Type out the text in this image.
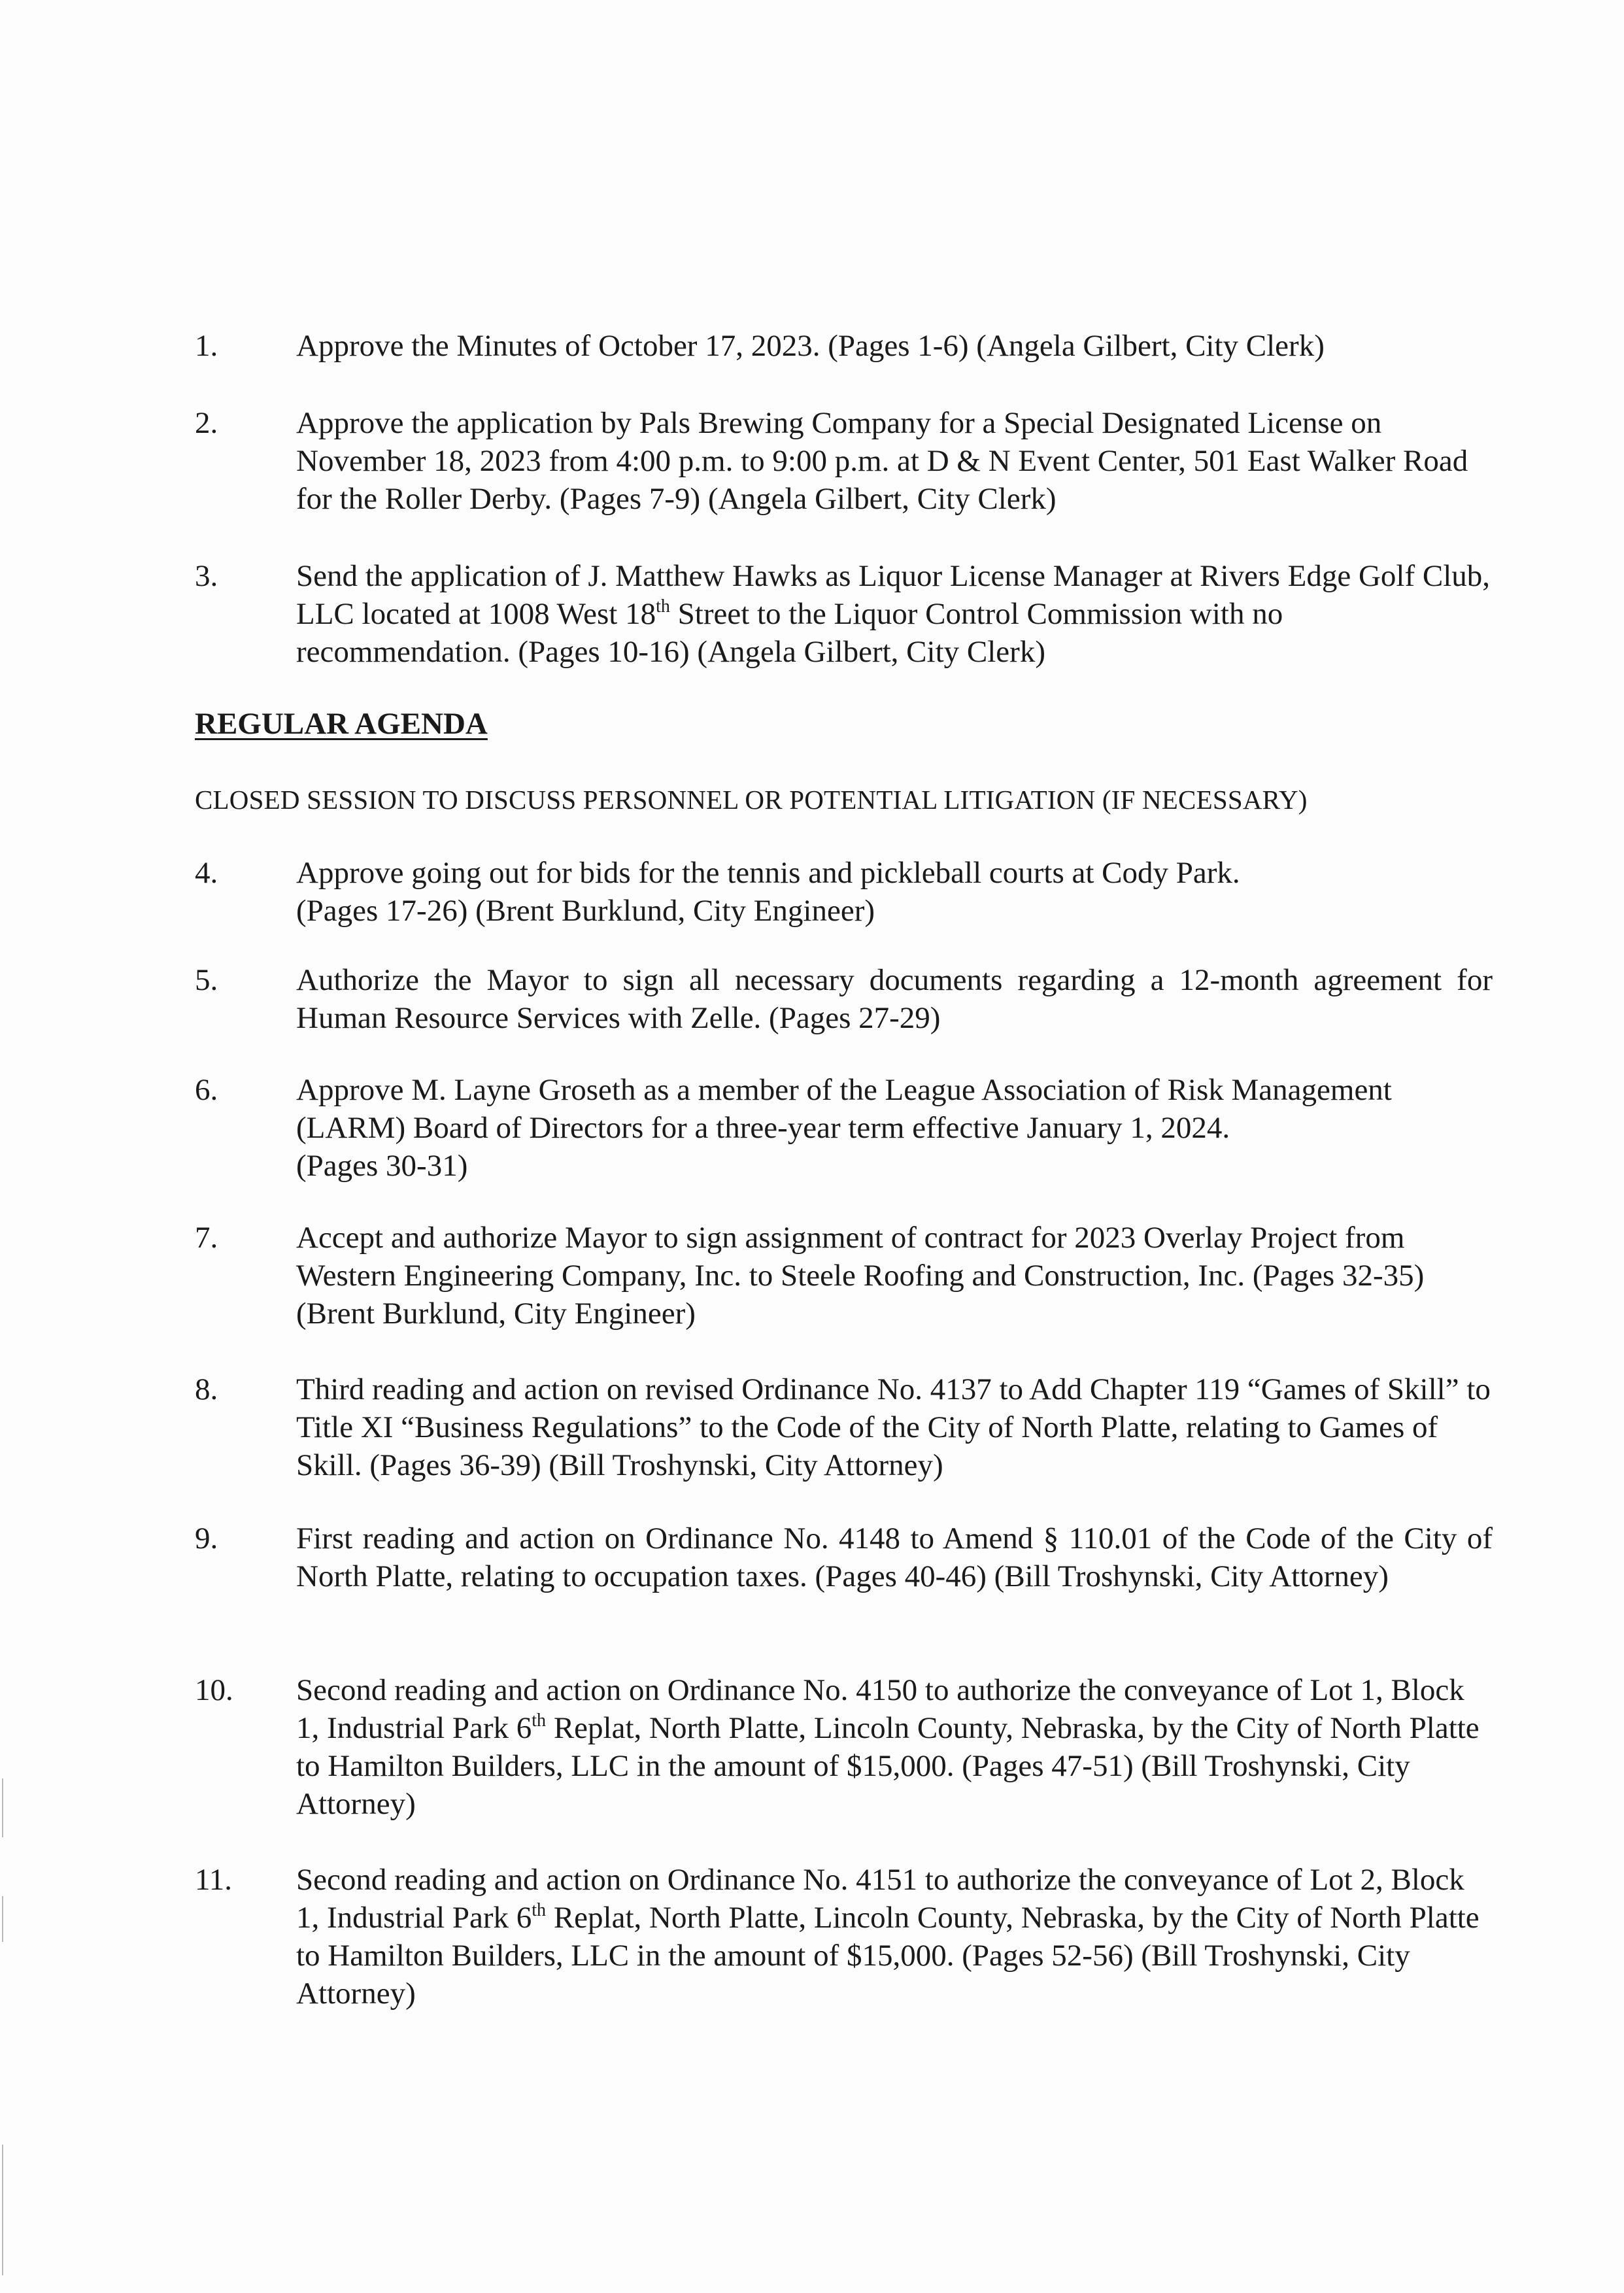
1.	Approve the Minutes of October 17, 2023. (Pages 1-6) (Angela Gilbert, City Clerk)
2.	Approve the application by Pals Brewing Company for a Special Designated License on November 18, 2023 from 4:00 p.m. to 9:00 p.m. at D & N Event Center, 501 East Walker Road for the Roller Derby. (Pages 7-9) (Angela Gilbert, City Clerk)
3.	Send the application of J. Matthew Hawks as Liquor License Manager at Rivers Edge Golf Club, LLC located at 1008 West 18th Street to the Liquor Control Commission with no recommendation. (Pages 10-16) (Angela Gilbert, City Clerk)
REGULAR AGENDA
CLOSED SESSION TO DISCUSS PERSONNEL OR POTENTIAL LITIGATION (IF NECESSARY)
4.	Approve going out for bids for the tennis and pickleball courts at Cody Park.
(Pages 17-26) (Brent Burklund, City Engineer)
5.	Authorize the Mayor to sign all necessary documents regarding a 12-month agreement for Human Resource Services with Zelle. (Pages 27-29)
6.	Approve M. Layne Groseth as a member of the League Association of Risk Management (LARM) Board of Directors for a three-year term effective January 1, 2024.
(Pages 30-31)
7.	Accept and authorize Mayor to sign assignment of contract for 2023 Overlay Project from Western Engineering Company, Inc. to Steele Roofing and Construction, Inc. (Pages 32-35) (Brent Burklund, City Engineer)
8.	Third reading and action on revised Ordinance No. 4137 to Add Chapter 119 “Games of Skill” to Title XI “Business Regulations” to the Code of the City of North Platte, relating to Games of Skill. (Pages 36-39) (Bill Troshynski, City Attorney)
9.	First reading and action on Ordinance No. 4148 to Amend § 110.01 of the Code of the City of North Platte, relating to occupation taxes. (Pages 40-46) (Bill Troshynski, City Attorney)
10.	Second reading and action on Ordinance No. 4150 to authorize the conveyance of Lot 1, Block 1, Industrial Park 6th Replat, North Platte, Lincoln County, Nebraska, by the City of North Platte to Hamilton Builders, LLC in the amount of $15,000. (Pages 47-51) (Bill Troshynski, City Attorney)
11.	Second reading and action on Ordinance No. 4151 to authorize the conveyance of Lot 2, Block 1, Industrial Park 6th Replat, North Platte, Lincoln County, Nebraska, by the City of North Platte to Hamilton Builders, LLC in the amount of $15,000. (Pages 52-56) (Bill Troshynski, City Attorney)
